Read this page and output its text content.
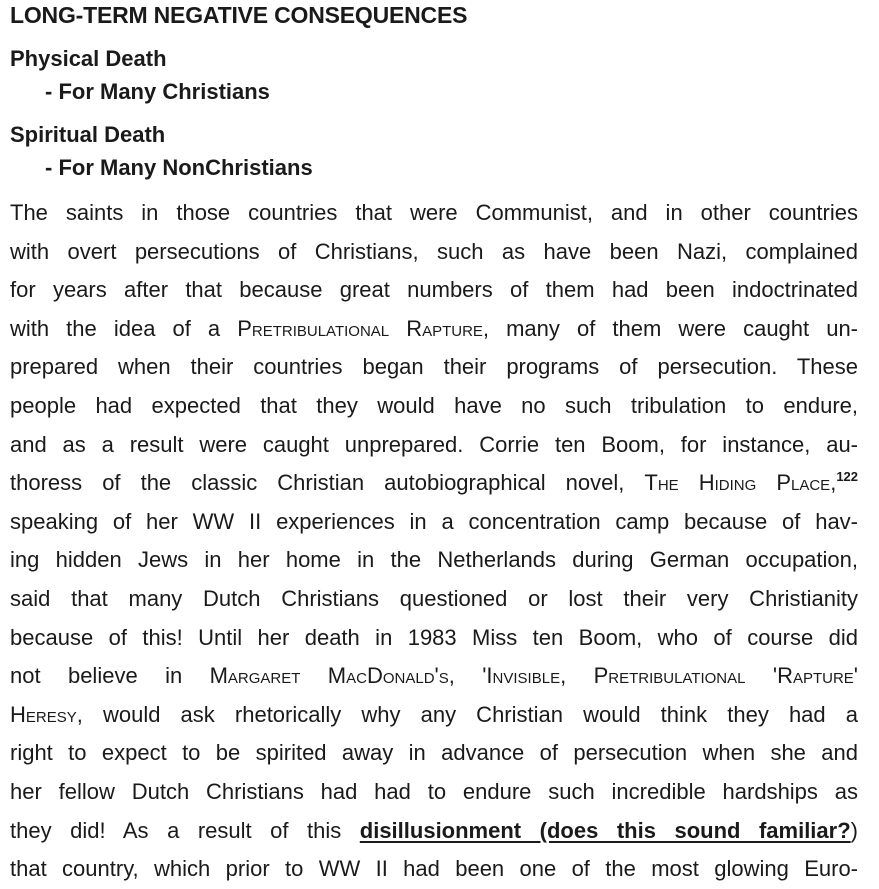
LONG-TERM NEGATIVE CONSEQUENCES
Physical Death
- For Many Christians
Spiritual Death
- For Many NonChristians
The saints in those countries that were Communist, and in other countries
with overt persecutions of Christians, such as have been Nazi, complained
for years after that because great numbers of them had been indoctrinated
with the idea of a Pretribulational Rapture, many of them were caught un-
prepared when their countries began their programs of persecution. These
people had expected that they would have no such tribulation to endure,
and as a result were caught unprepared. Corrie ten Boom, for instance, au-
thoress of the classic Christian autobiographical novel, The Hiding Place,$^{122}$
speaking of her WW II experiences in a concentration camp because of hav-
ing hidden Jews in her home in the Netherlands during German occupation,
said that many Dutch Christians questioned or lost their very Christianity
because of this! Until her death in 1983 Miss ten Boom, who of course did
not believe in Margaret MacDonald's, 'Invisible, Pretribulational 'Rapture'
Heresy, would ask rhetorically why any Christian would think they had a
right to expect to be spirited away in advance of persecution when she and
her fellow Dutch Christians had had to endure such incredible hardships as
they did! As a result of this disillusionment (does this sound familiar?)
that country, which prior to WW II had been one of the most glowing Euro-
